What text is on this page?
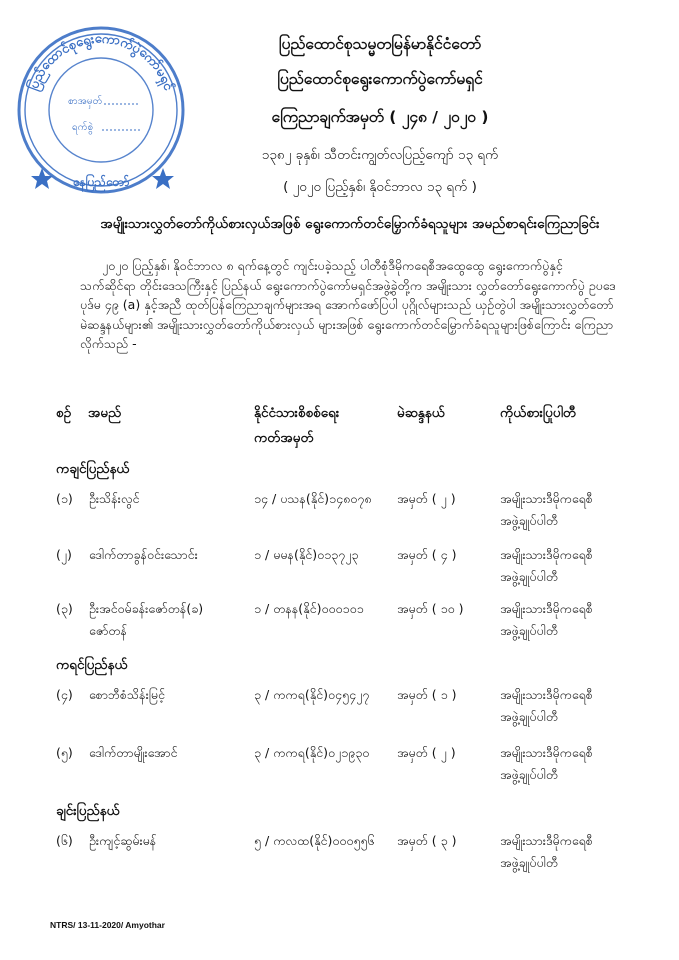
ပြည်ထောင်စုရွေးကောက်ပွဲကော်မရှင်
စာအမှတ်
ရက်စွဲ
နေပြည်တော်
ပြည်ထောင်စုသမ္မတမြန်မာနိုင်ငံတော်
ပြည်ထောင်စုရွေးကောက်ပွဲကော်မရှင်
ကြေညာချက်အမှတ် ( ၂၄၈ / ၂၀၂၀ )
၁၃၈၂ ခုနှစ်၊ သီတင်းကျွတ်လပြည့်ကျော် ၁၃ ရက်
( ၂၀၂၀ ပြည့်နှစ်၊ နိုဝင်ဘာလ ၁၃ ရက် )
အမျိုးသားလွှတ်တော်ကိုယ်စားလှယ်အဖြစ် ရွေးကောက်တင်မြှောက်ခံရသူများ အမည်စာရင်းကြေညာခြင်း

၂၀၂၀ ပြည့်နှစ်၊ နိုဝင်ဘာလ ၈ ရက်နေ့တွင် ကျင်းပခဲ့သည့် ပါတီစုံဒီမိုကရေစီအထွေထွေ ရွေးကောက်ပွဲနှင့် သက်ဆိုင်ရာ တိုင်းဒေသကြီးနှင့် ပြည်နယ် ရွေးကောက်ပွဲကော်မရှင်အဖွဲ့ခွဲတို့က အမျိုးသား လွှတ်တော်ရွေးကောက်ပွဲ ဥပဒေပုဒ်မ ၄၉ (a) နှင့်အညီ ထုတ်ပြန်ကြေညာချက်များအရ အောက်ဖော်ပြပါ ပုဂ္ဂိုလ်များသည် ယှဉ်တွဲပါ အမျိုးသားလွှတ်တော်မဲဆန္ဒနယ်များ၏ အမျိုးသားလွှတ်တော်ကိုယ်စားလှယ် များအဖြစ် ရွေးကောက်တင်မြှောက်ခံရသူများဖြစ်ကြောင်း ကြေညာလိုက်သည် -

စဉ် အမည်	နိုင်ငံသားစိစစ်ရေး
ကတ်အမှတ်
မဲဆန္ဒနယ်	ကိုယ်စားပြုပါတီ
ကချင်ပြည်နယ်
(၁) ဦးသိန်းလွင်	၁၄ / ပသန(နိုင်)၁၄၈၀၇၈ အမှတ် ( ၂ )	အမျိုးသားဒီမိုကရေစီ
အဖွဲ့ချုပ်ပါတီ
(၂) ဒေါက်တာခွန်ဝင်းသောင်း	၁ / မမန(နိုင်)၀၁၃၇၂၃	အမှတ် ( ၄ )	အမျိုးသားဒီမိုကရေစီ
အဖွဲ့ချုပ်ပါတီ
(၃) ဦးအင်ဝမ်ခန်းဇော်တန်(ခ)
ဇော်တန်
၁ / တနန(နိုင်)၀၀၀၁၀၁	အမှတ် ( ၁၀ )	အမျိုးသားဒီမိုကရေစီ
အဖွဲ့ချုပ်ပါတီ
ကရင်ပြည်နယ်
(၄) စောဘီစံသိန်းမြင့်	၃ / ကကရ(နိုင်)၀၄၅၄၂၇ အမှတ် ( ၁ )	အမျိုးသားဒီမိုကရေစီ
အဖွဲ့ချုပ်ပါတီ
(၅) ဒေါက်တာမျိုးအောင်	၃ / ကကရ(နိုင်)၀၂၁၉၃၀ အမှတ် ( ၂ )	အမျိုးသားဒီမိုကရေစီ
အဖွဲ့ချုပ်ပါတီ
ချင်းပြည်နယ်
(၆) ဦးကျင့်ဆွမ်းမန်	၅ / ကလထ(နိုင်)၀၀၀၅၅၆ အမှတ် ( ၃ )	အမျိုးသားဒီမိုကရေစီ
အဖွဲ့ချုပ်ပါတီ
NTRS/ 13-11-2020/ Amyothar
